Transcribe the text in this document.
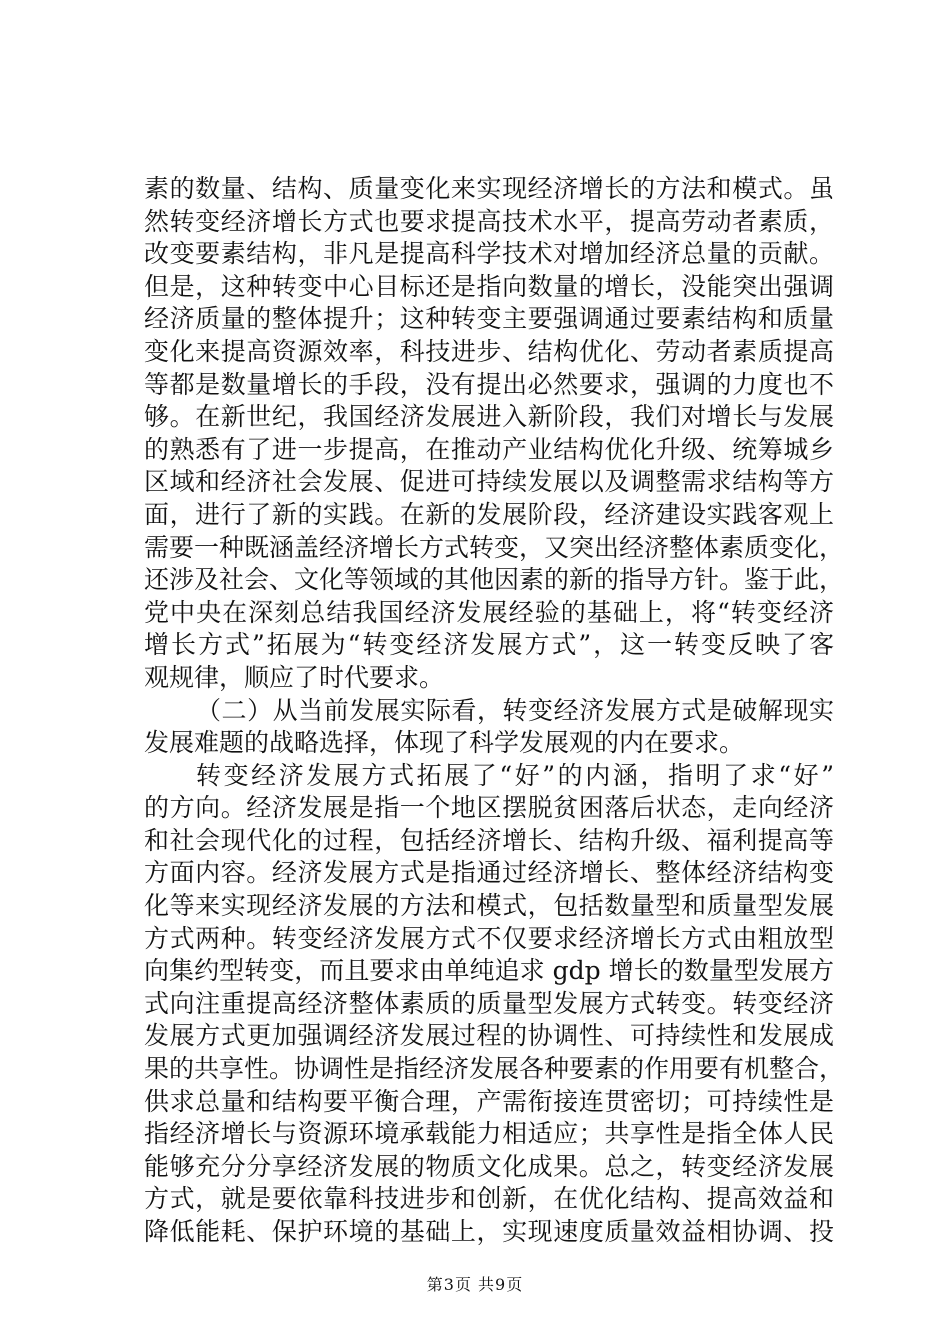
素的数量、结构、质量变化来实现经济增长的方法和模式。虽
然转变经济增长方式也要求提高技术水平，提高劳动者素质，
改变要素结构，非凡是提高科学技术对增加经济总量的贡献。
但是，这种转变中心目标还是指向数量的增长，没能突出强调
经济质量的整体提升；这种转变主要强调通过要素结构和质量
变化来提高资源效率，科技进步、结构优化、劳动者素质提高
等都是数量增长的手段，没有提出必然要求，强调的力度也不
够。在新世纪，我国经济发展进入新阶段，我们对增长与发展
的熟悉有了进一步提高，在推动产业结构优化升级、统筹城乡
区域和经济社会发展、促进可持续发展以及调整需求结构等方
面，进行了新的实践。在新的发展阶段，经济建设实践客观上
需要一种既涵盖经济增长方式转变，又突出经济整体素质变化，
还涉及社会、文化等领域的其他因素的新的指导方针。鉴于此，
党中央在深刻总结我国经济发展经验的基础上，将“转变经济
增长方式”拓展为“转变经济发展方式”，这一转变反映了客
观规律，顺应了时代要求。
（二）从当前发展实际看，转变经济发展方式是破解现实
发展难题的战略选择，体现了科学发展观的内在要求。
转变经济发展方式拓展了“好”的内涵，指明了求“好”
的方向。经济发展是指一个地区摆脱贫困落后状态，走向经济
和社会现代化的过程，包括经济增长、结构升级、福利提高等
方面内容。经济发展方式是指通过经济增长、整体经济结构变
化等来实现经济发展的方法和模式，包括数量型和质量型发展
方式两种。转变经济发展方式不仅要求经济增长方式由粗放型
向集约型转变，而且要求由单纯追求 gdp 增长的数量型发展方
式向注重提高经济整体素质的质量型发展方式转变。转变经济
发展方式更加强调经济发展过程的协调性、可持续性和发展成
果的共享性。协调性是指经济发展各种要素的作用要有机整合，
供求总量和结构要平衡合理，产需衔接连贯密切；可持续性是
指经济增长与资源环境承载能力相适应；共享性是指全体人民
能够充分分享经济发展的物质文化成果。总之，转变经济发展
方式，就是要依靠科技进步和创新，在优化结构、提高效益和
降低能耗、保护环境的基础上，实现速度质量效益相协调、投
第3页 共9页
